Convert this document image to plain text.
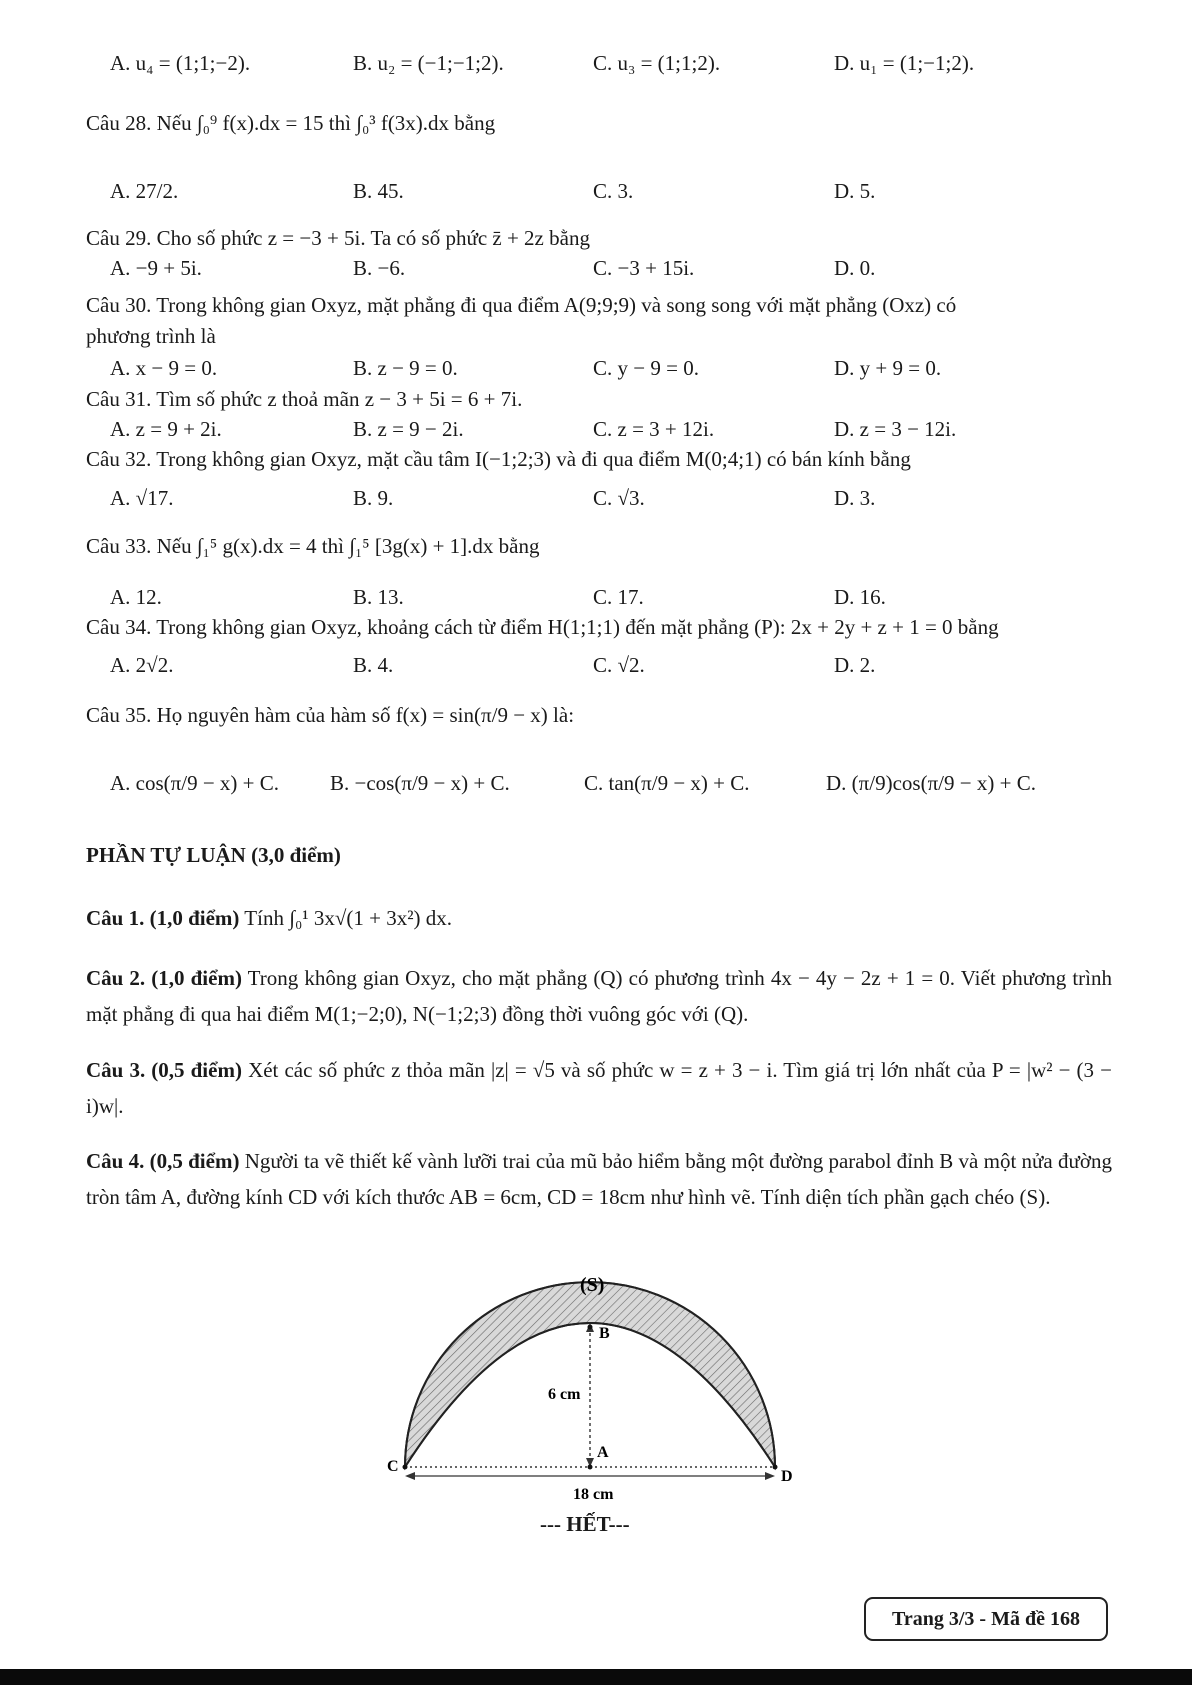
A. u₄ = (1;1;−2).	B. u₂ = (−1;−1;2).	C. u₃ = (1;1;2).	D. u₁ = (1;−1;2).
Câu 28. Nếu ∫₀⁹ f(x).dx = 15 thì ∫₀³ f(3x).dx bằng
A. 27/2.	B. 45.	C. 3.	D. 5.
Câu 29. Cho số phức z = −3 + 5i. Ta có số phức z̄ + 2z bằng
A. −9 + 5i.	B. −6.	C. −3 + 15i.	D. 0.
Câu 30. Trong không gian Oxyz, mặt phẳng đi qua điểm A(9;9;9) và song song với mặt phẳng (Oxz) có
phương trình là
A. x − 9 = 0.	B. z − 9 = 0.	C. y − 9 = 0.	D. y + 9 = 0.
Câu 31. Tìm số phức z thoả mãn z − 3 + 5i = 6 + 7i.
A. z = 9 + 2i.	B. z = 9 − 2i.	C. z = 3 + 12i.	D. z = 3 − 12i.
Câu 32. Trong không gian Oxyz, mặt cầu tâm I(−1;2;3) và đi qua điểm M(0;4;1) có bán kính bằng
A. √17.	B. 9.	C. √3.	D. 3.
Câu 33. Nếu ∫₁⁵ g(x).dx = 4 thì ∫₁⁵ [3g(x) + 1].dx bằng
A. 12.	B. 13.	C. 17.	D. 16.
Câu 34. Trong không gian Oxyz, khoảng cách từ điểm H(1;1;1) đến mặt phẳng (P): 2x + 2y + z + 1 = 0 bằng
A. 2√2.	B. 4.	C. √2.	D. 2.
Câu 35. Họ nguyên hàm của hàm số f(x) = sin(π/9 − x) là:
A. cos(π/9 − x) + C. B. −cos(π/9 − x) + C.	C. tan(π/9 − x) + C.	D. (π/9)cos(π/9 − x) + C.
PHẦN TỰ LUẬN (3,0 điểm)
Câu 1. (1,0 điểm) Tính ∫₀¹ 3x√(1 + 3x²) dx.
Câu 2. (1,0 điểm) Trong không gian Oxyz, cho mặt phẳng (Q) có phương trình 4x − 4y − 2z + 1 = 0. Viết phương trình mặt phẳng đi qua hai điểm M(1;−2;0), N(−1;2;3) đồng thời vuông góc với (Q).
Câu 3. (0,5 điểm) Xét các số phức z thỏa mãn |z| = √5 và số phức w = z + 3 − i. Tìm giá trị lớn nhất của P = |w² − (3 − i)w|.
Câu 4. (0,5 điểm) Người ta vẽ thiết kế vành lưỡi trai của mũ bảo hiểm bằng một đường parabol đỉnh B và một nửa đường tròn tâm A, đường kính CD với kích thước AB = 6cm, CD = 18cm như hình vẽ. Tính diện tích phần gạch chéo (S).
(S)
B
6 cm
A
C
D
18 cm
--- HẾT---
Trang 3/3 - Mã đề 168
